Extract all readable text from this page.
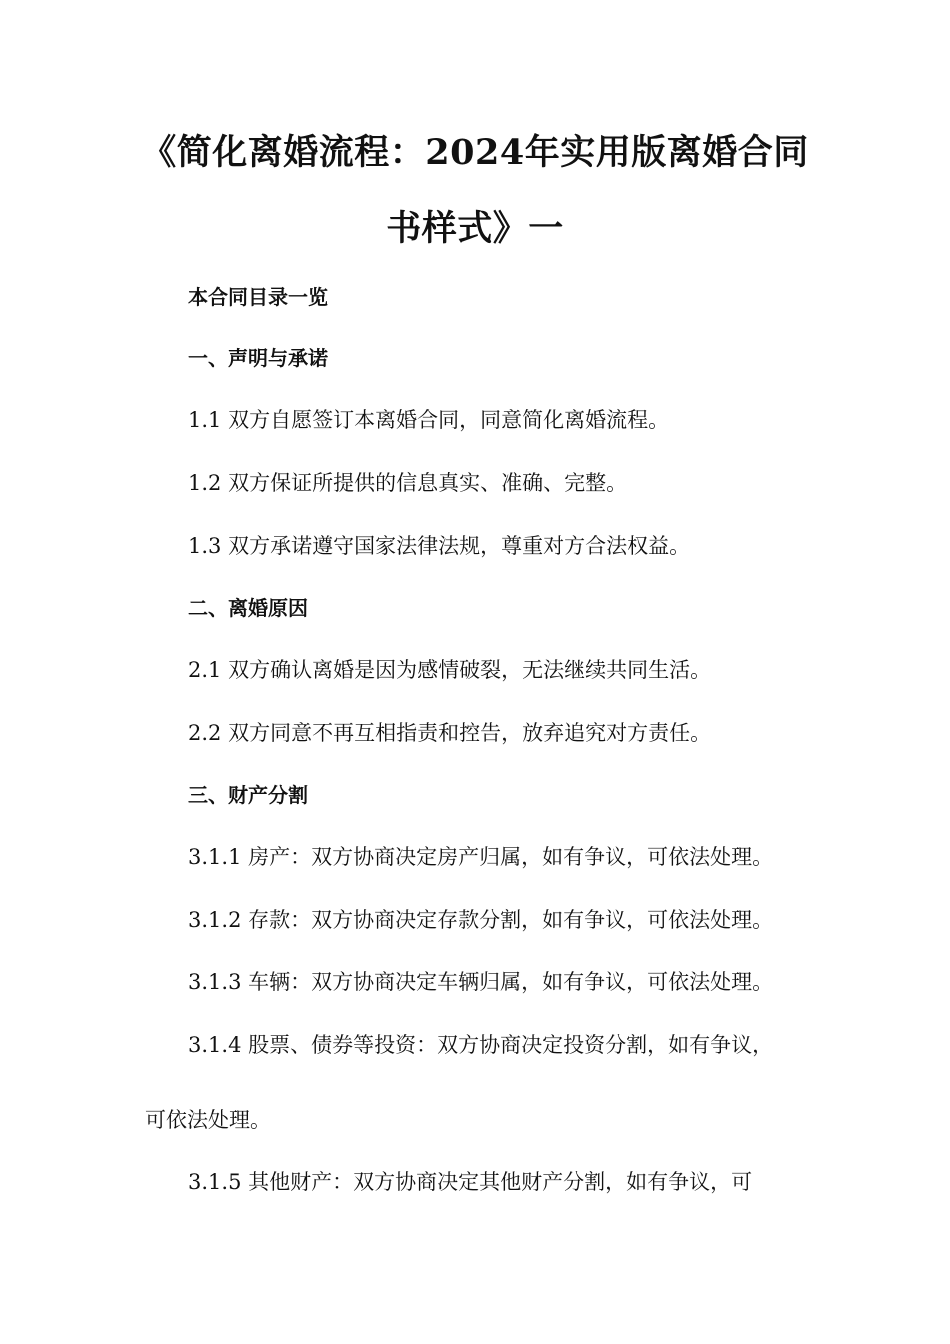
《简化离婚流程：2024年实用版离婚合同
书样式》一
本合同目录一览
一、声明与承诺
1.1 双方自愿签订本离婚合同，同意简化离婚流程。
1.2 双方保证所提供的信息真实、准确、完整。
1.3 双方承诺遵守国家法律法规，尊重对方合法权益。
二、离婚原因
2.1 双方确认离婚是因为感情破裂，无法继续共同生活。
2.2 双方同意不再互相指责和控告，放弃追究对方责任。
三、财产分割
3.1.1 房产：双方协商决定房产归属，如有争议，可依法处理。
3.1.2 存款：双方协商决定存款分割，如有争议，可依法处理。
3.1.3 车辆：双方协商决定车辆归属，如有争议，可依法处理。
3.1.4 股票、债券等投资：双方协商决定投资分割，如有争议，
可依法处理。
3.1.5 其他财产：双方协商决定其他财产分割，如有争议，可
